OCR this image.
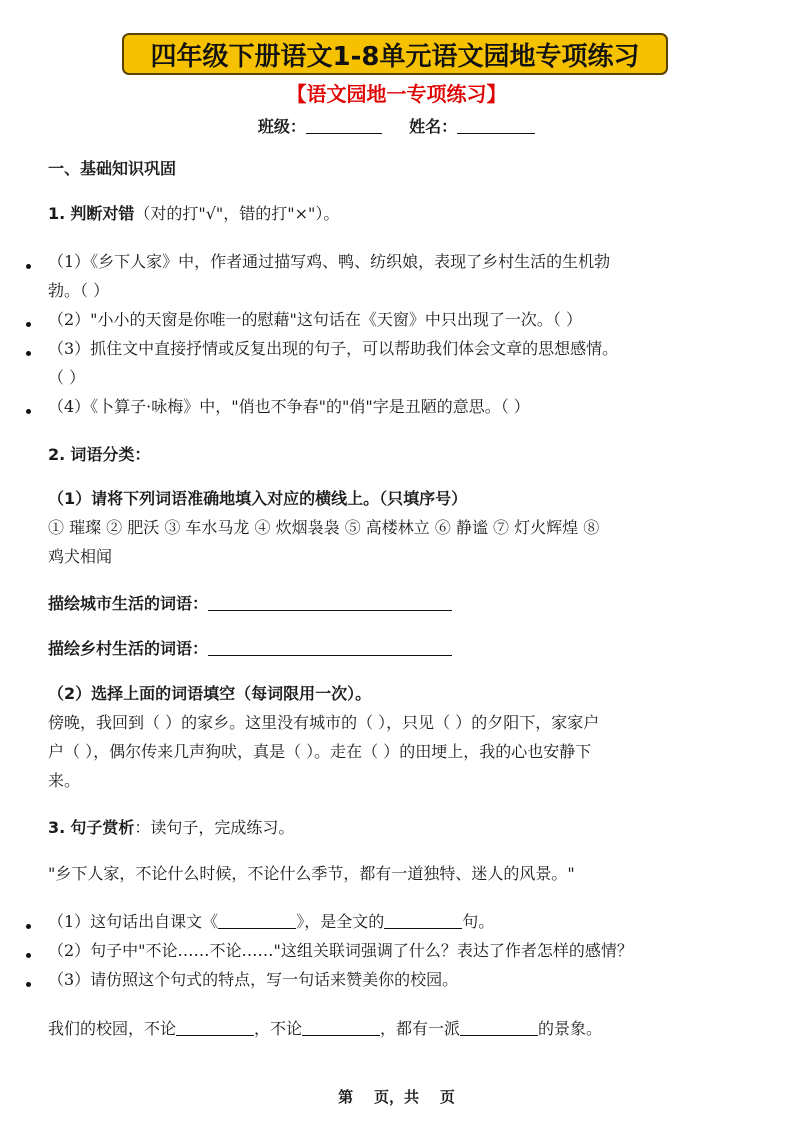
四年级下册语文1-8单元语文园地专项练习
【语文园地一专项练习】
班级：	姓名：
一、基础知识巩固
1. 判断对错（对的打"√"，错的打"×"）。
（1）《乡下人家》中，作者通过描写鸡、鸭、纺织娘，表现了乡村生活的生机勃
勃。（ ）
（2）"小小的天窗是你唯一的慰藉"这句话在《天窗》中只出现了一次。（ ）
（3）抓住文中直接抒情或反复出现的句子，可以帮助我们体会文章的思想感情。
（ ）
（4）《卜算子·咏梅》中，"俏也不争春"的"俏"字是丑陋的意思。（ ）
2. 词语分类：
（1）请将下列词语准确地填入对应的横线上。（只填序号）
① 璀璨 ② 肥沃 ③ 车水马龙 ④ 炊烟袅袅 ⑤ 高楼林立 ⑥ 静谧 ⑦ 灯火辉煌 ⑧
鸡犬相闻
描绘城市生活的词语：
描绘乡村生活的词语：
（2）选择上面的词语填空（每词限用一次）。
傍晚，我回到（ ）的家乡。这里没有城市的（ ），只见（ ）的夕阳下，家家户
户（ ），偶尔传来几声狗吠，真是（ ）。走在（ ）的田埂上，我的心也安静下
来。
3. 句子赏析：读句子，完成练习。
"乡下人家，不论什么时候，不论什么季节，都有一道独特、迷人的风景。"
（1）这句话出自课文《	》，是全文的	句。
（2）句子中"不论……不论……"这组关联词强调了什么？表达了作者怎样的感情？
（3）请仿照这个句式的特点，写一句话来赞美你的校园。
我们的校园，不论	，不论	，都有一派	的景象。
第    页，共    页
